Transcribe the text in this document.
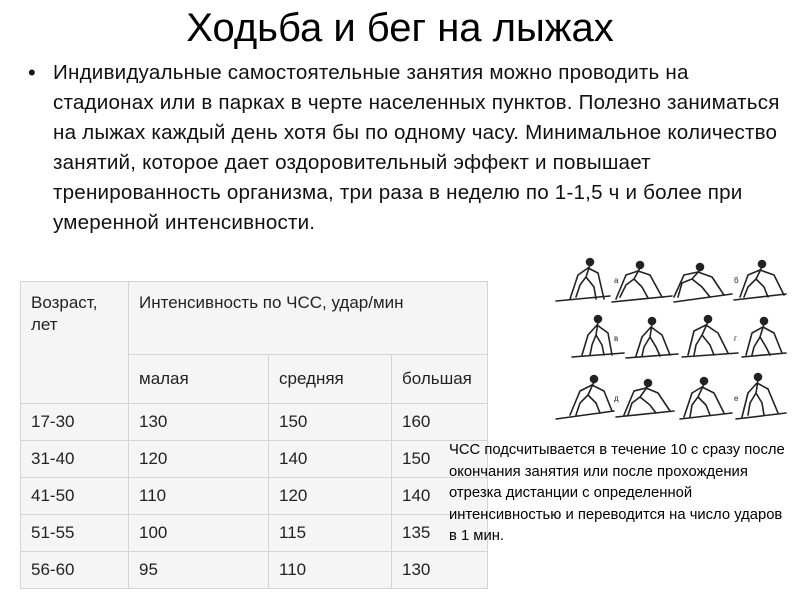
Ходьба и бег на лыжах
• Индивидуальные самостоятельные занятия можно проводить на стадионах или в парках в черте населенных пунктов. Полезно заниматься на лыжах каждый день хотя бы по одному часу. Минимальное количество занятий, которое дает оздоровительный эффект и повышает тренированность организма, три раза в неделю по 1-1,5 ч и более при умеренной интенсивности.
Возраст, лет	Интенсивность по ЧСС, удар/мин		
	малая	средняя	большая
17-30	130	150	160
31-40	120	140	150
41-50	110	120	140
51-55	100	115	135
56-60	95	110	130
а	б
в	г
д	е
ЧСС подсчитывается в течение 10 с сразу после окончания занятия или после прохождения отрезка дистанции с определенной интенсивностью и переводится на число ударов в 1 мин.
